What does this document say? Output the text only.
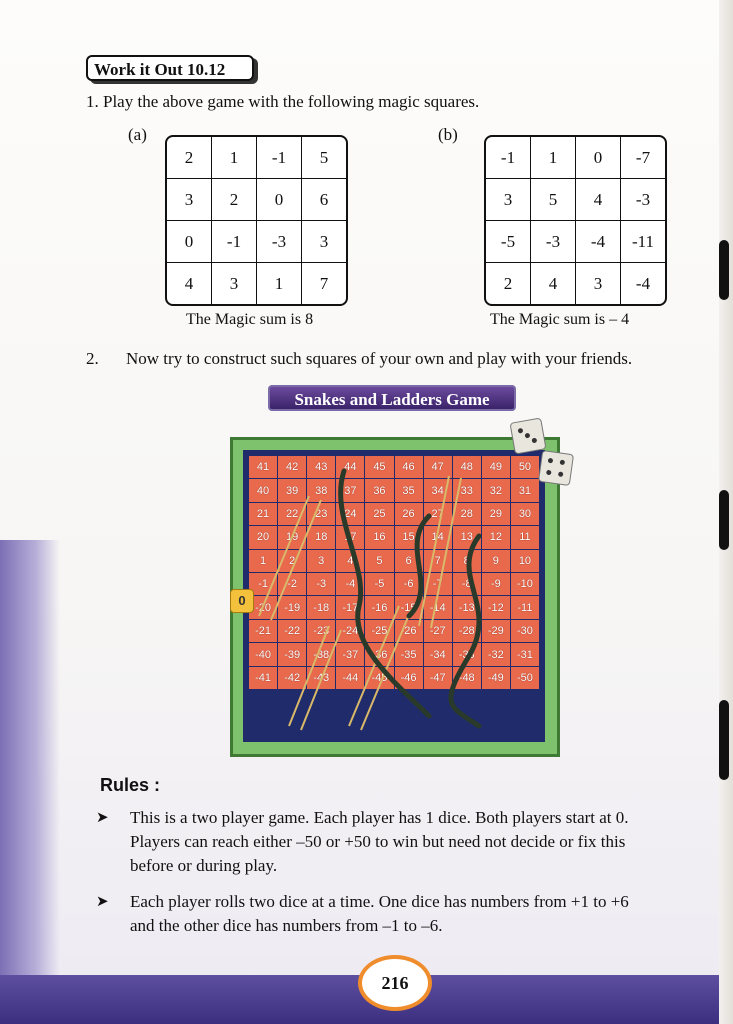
Work it Out 10.12
1. Play the above game with the following magic squares.
(a)
2	1	-1	5
3	2	0	6
0	-1	-3	3
4	3	1	7
The Magic sum is 8
(b)
-1	1	0	-7
3	5	4	-3
-5	-3	-4	-11
2	4	3	-4
The Magic sum is – 4
2. Now try to construct such squares of your own and play with your friends.
Snakes and Ladders Game
41	42	43	44	45	46	47	48	49	50
40	39	38	37	36	35	34	33	32	31
21	22	23	24	25	26	27	28	29	30
20	19	18	17	16	15	14	13	12	11
1	2	3	4	5	6	7	8	9	10
-1	-2	-3	-4	-5	-6	-7	-8	-9	-10
-20	-19	-18	-17	-16	-15	-14	-13	-12	-11
-21	-22	-23	-24	-25	-26	-27	-28	-29	-30
-40	-39	-38	-37	-36	-35	-34	-33	-32	-31
-41	-42	-43	-44	-45	-46	-47	-48	-49	-50
0
Rules :
➤ This is a two player game. Each player has 1 dice. Both players start at 0.
Players can reach either –50 or +50 to win but need not decide or fix this
before or during play.
➤ Each player rolls two dice at a time. One dice has numbers from +1 to +6
and the other dice has numbers from –1 to –6.
216
